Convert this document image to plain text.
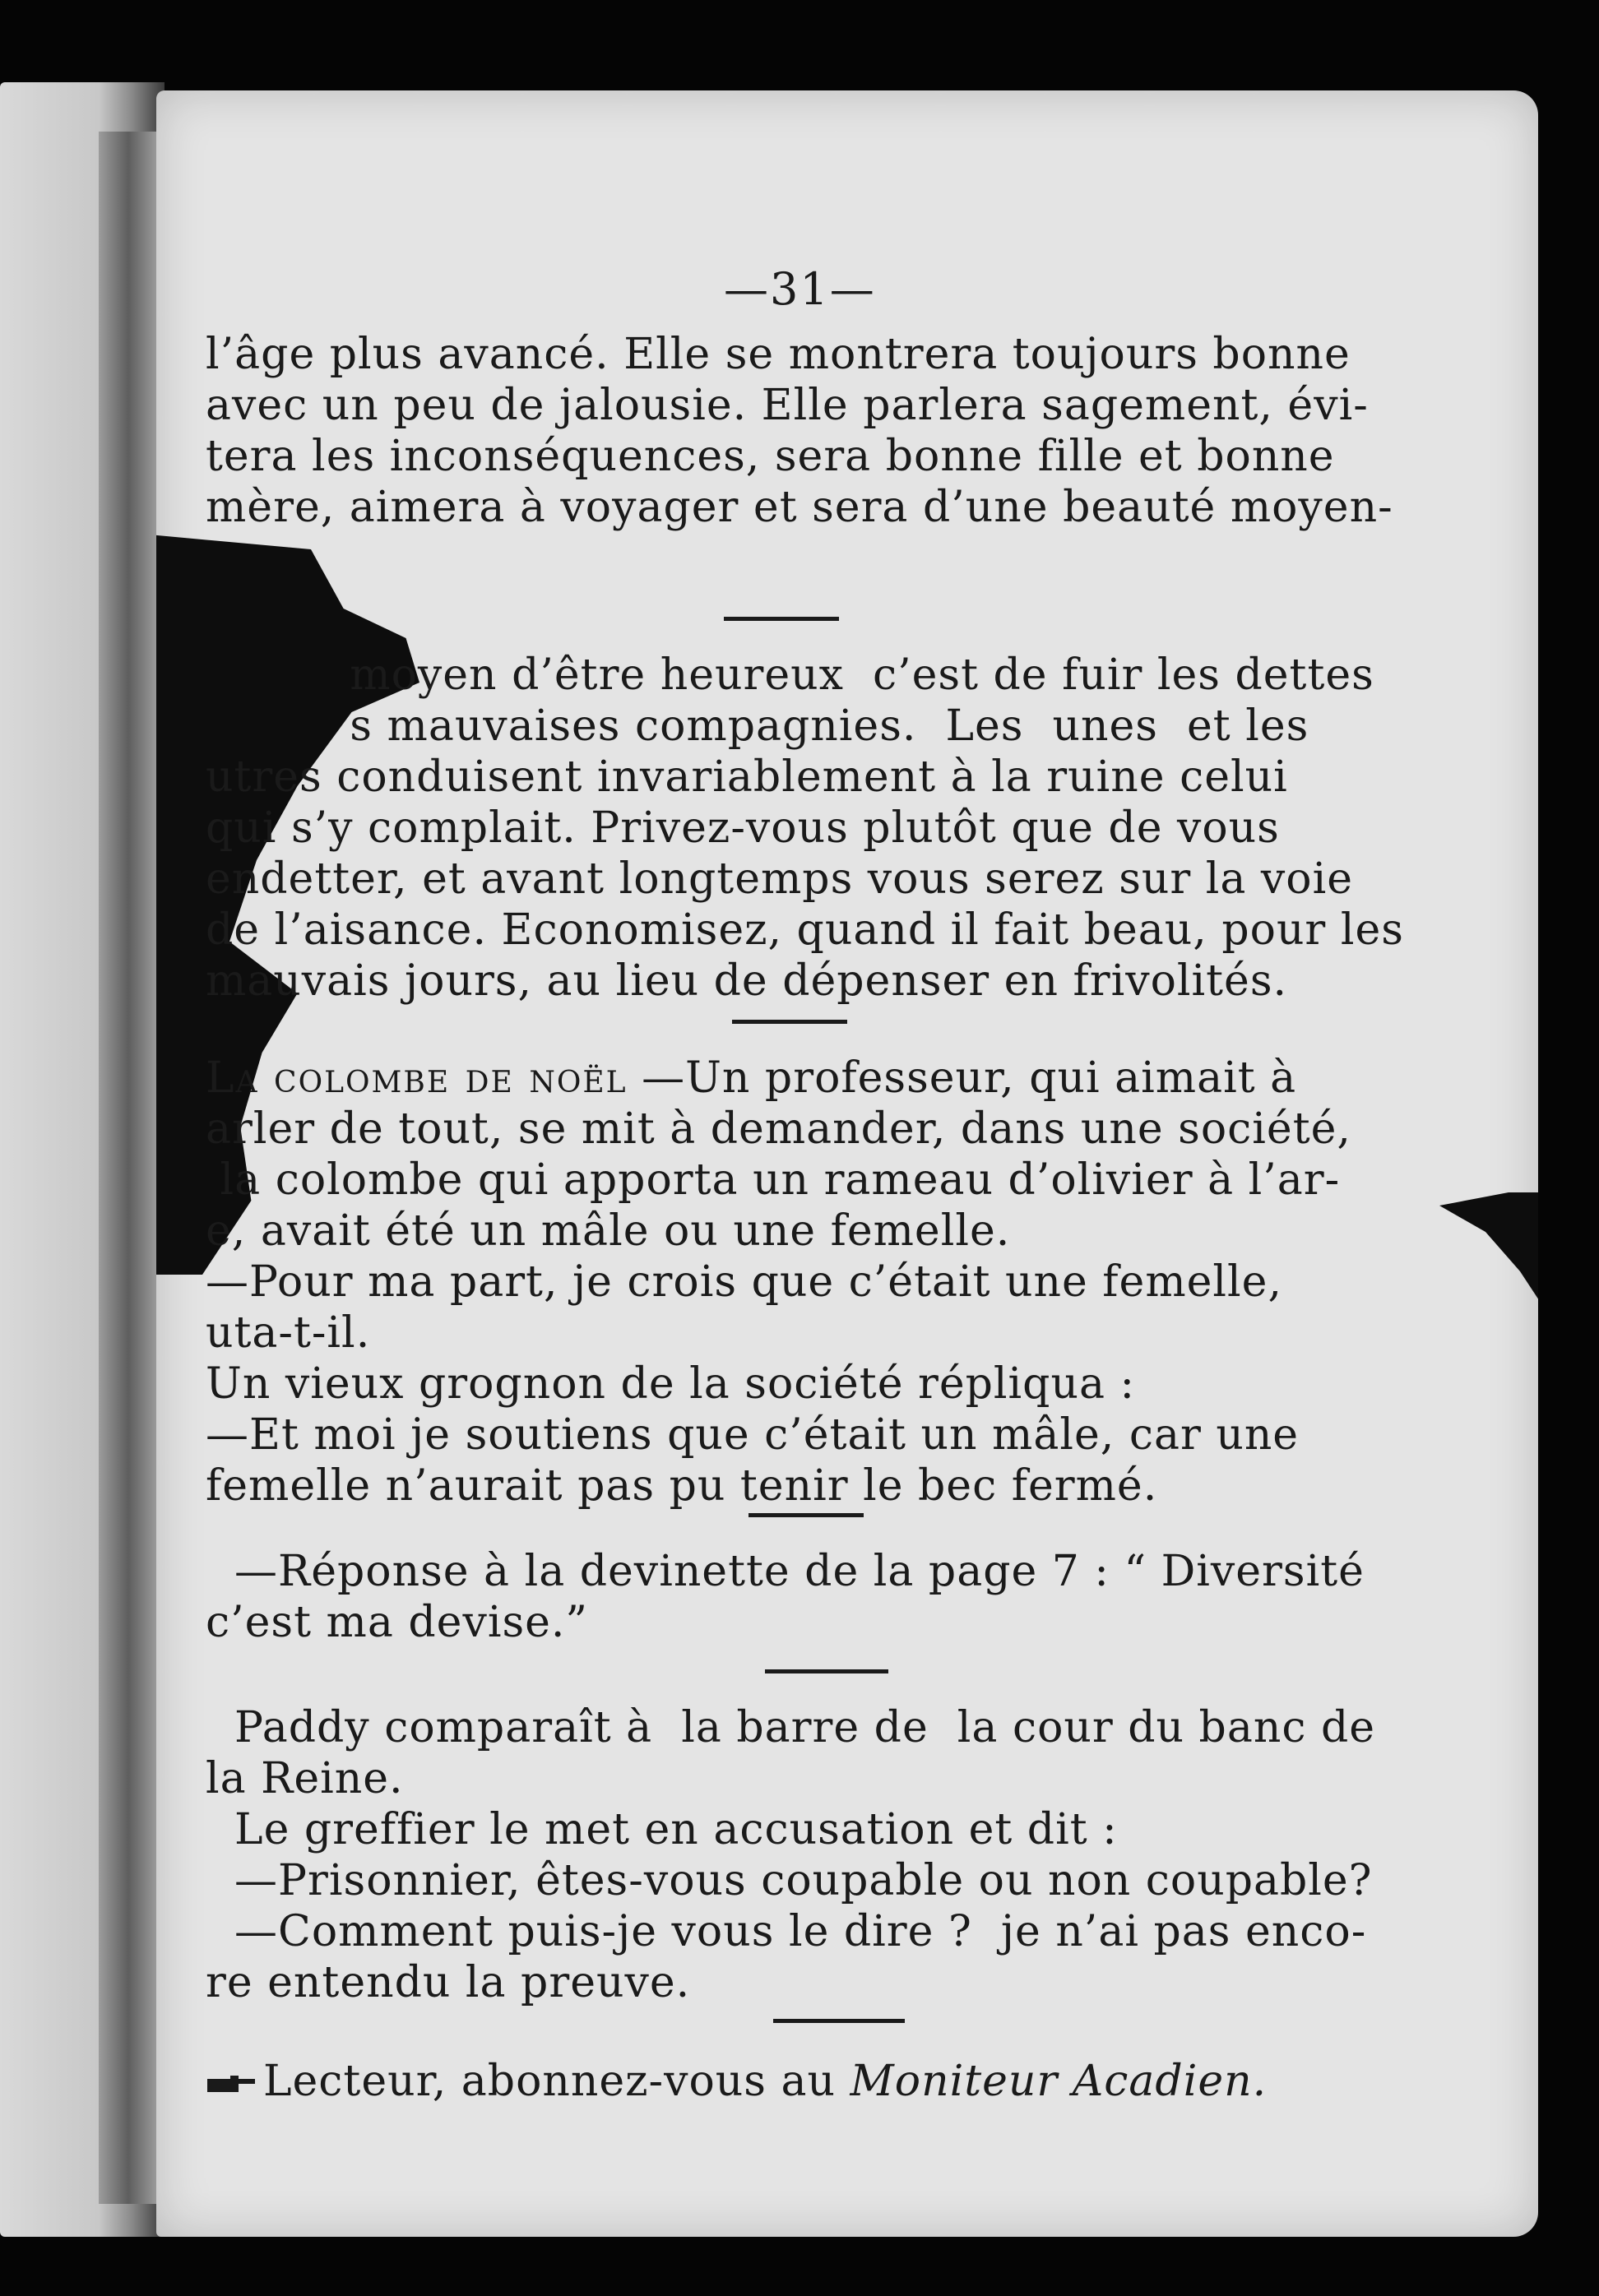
—31—
l’âge plus avancé. Elle se montrera toujours bonne
avec un peu de jalousie. Elle parlera sagement, évi-
tera les inconséquences, sera bonne fille et bonne
mère, aimera à voyager et sera d’une beauté moyen-
moyen d’être heureux  c’est de fuir les dettes
s mauvaises compagnies.  Les  unes  et les
utres conduisent invariablement à la ruine celui
qui s’y complait. Privez-vous plutôt que de vous
endetter, et avant longtemps vous serez sur la voie
de l’aisance. Economisez, quand il fait beau, pour les
mauvais jours, au lieu de dépenser en frivolités.
La colombe de noël —Un professeur, qui aimait à
arler de tout, se mit à demander, dans une société,
la colombe qui apporta un rameau d’olivier à l’ar-
e, avait été un mâle ou une femelle.
—Pour ma part, je crois que c’était une femelle,
uta-t-il.
Un vieux grognon de la société répliqua :
—Et moi je soutiens que c’était un mâle, car une
femelle n’aurait pas pu tenir le bec fermé.
—Réponse à la devinette de la page 7 : “ Diversité
c’est ma devise.”
Paddy comparaît à  la barre de  la cour du banc de
la Reine.
Le greffier le met en accusation et dit :
—Prisonnier, êtes-vous coupable ou non coupable?
—Comment puis-je vous le dire ?  je n’ai pas enco-
re entendu la preuve.
Lecteur, abonnez-vous au Moniteur Acadien.
